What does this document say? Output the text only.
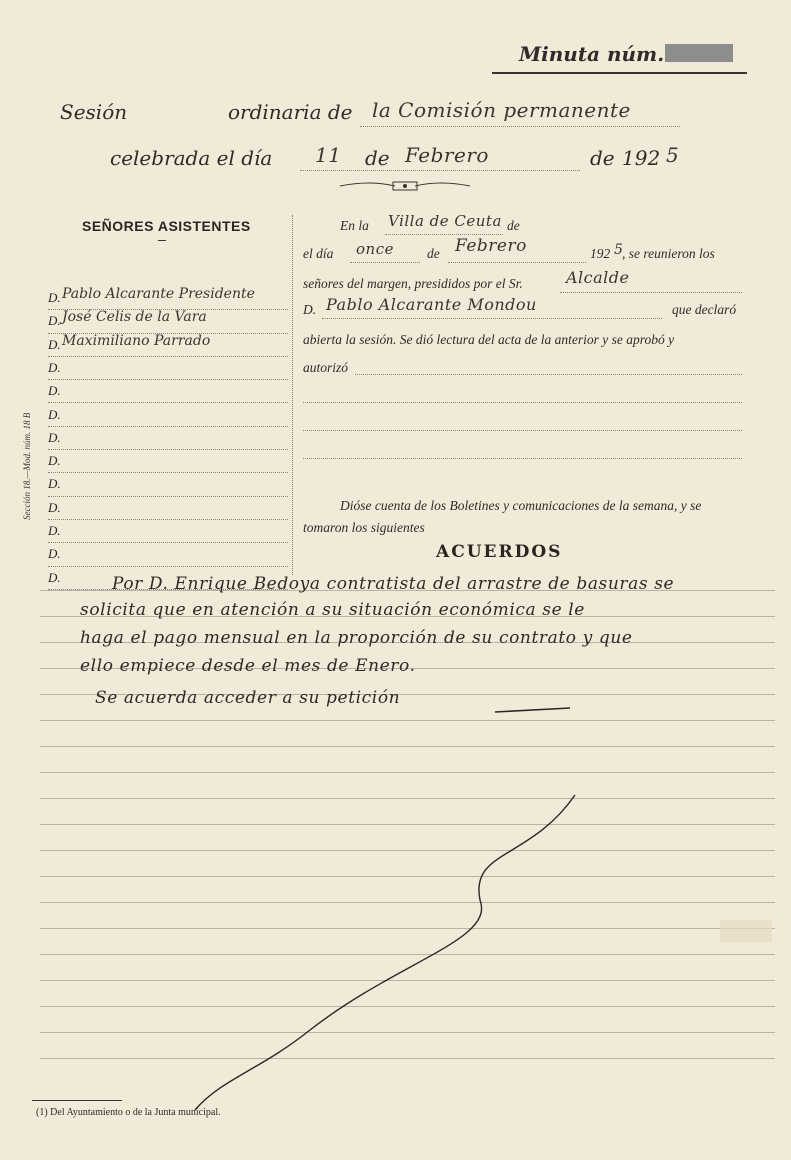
Minuta núm.
Sesión	ordinaria de la Comisión permanente
celebrada el día 11 de Febrero	de 192 5
SEÑORES ASISTENTES
D. Pablo Alcarante Presidente
D. José Celis de la Vara
D. Maximiliano Parrado
D.
D.
D.
D.
D.
D.
D.
D.
D.
D.
Sección 18.—Mod. núm. 18 B
En la Villa de Ceuta de
el día once de Febrero	192 5
, se reunieron los
señores del margen, presididos por el Sr.	Alcalde
D. Pablo Alcarante Mondou	que declaró
abierta la sesión. Se dió lectura del acta de la anterior y se aprobó y
autorizó
Dióse cuenta de los Boletines y comunicaciones de la semana, y se
tomaron los siguientes
ACUERDOS
Por D. Enrique Bedoya contratista del arrastre de basuras se
solicita que en atención a su situación económica se le
haga el pago mensual en la proporción de su contrato y que
ello empiece desde el mes de Enero.
Se acuerda acceder a su petición
(1) Del Ayuntamiento o de la Junta municipal.
